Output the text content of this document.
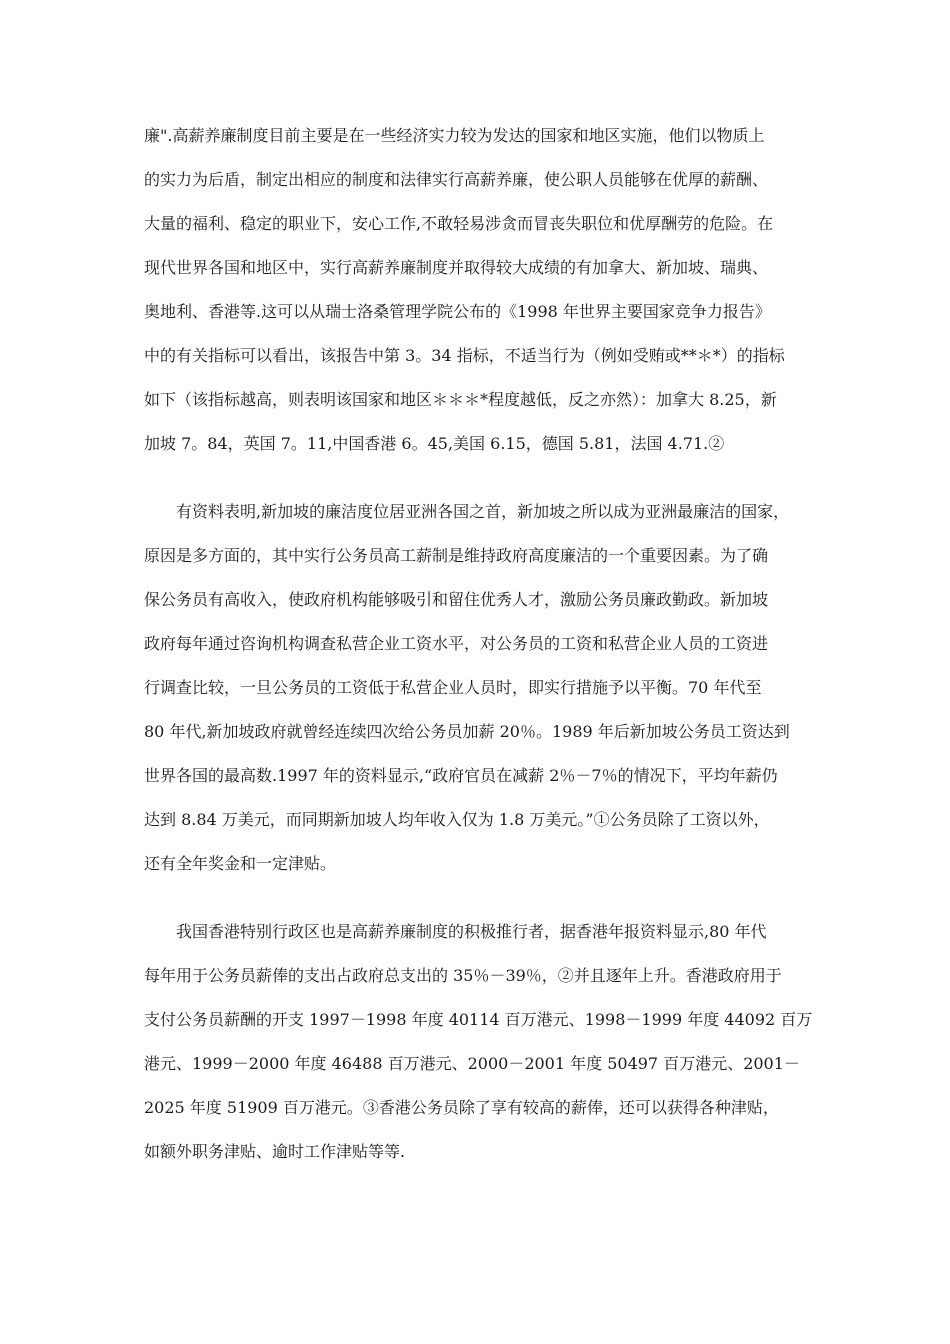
廉".高薪养廉制度目前主要是在一些经济实力较为发达的国家和地区实施，他们以物质上
的实力为后盾，制定出相应的制度和法律实行高薪养廉，使公职人员能够在优厚的薪酬、
大量的福利、稳定的职业下，安心工作,不敢轻易涉贪而冒丧失职位和优厚酬劳的危险。在
现代世界各国和地区中，实行高薪养廉制度并取得较大成绩的有加拿大、新加坡、瑞典、
奥地利、香港等.这可以从瑞士洛桑管理学院公布的《1998 年世界主要国家竞争力报告》
中的有关指标可以看出，该报告中第 3。34 指标，不适当行为（例如受贿或**＊*）的指标
如下（该指标越高，则表明该国家和地区＊＊＊*程度越低，反之亦然）：加拿大 8.25，新
加坡 7。84，英国 7。11,中国香港 6。45,美国 6.15，德国 5.81，法国 4.71.②
　　有资料表明,新加坡的廉洁度位居亚洲各国之首，新加坡之所以成为亚洲最廉洁的国家，
原因是多方面的，其中实行公务员高工薪制是维持政府高度廉洁的一个重要因素。为了确
保公务员有高收入，使政府机构能够吸引和留住优秀人才，激励公务员廉政勤政。新加坡
政府每年通过咨询机构调查私营企业工资水平，对公务员的工资和私营企业人员的工资进
行调查比较，一旦公务员的工资低于私营企业人员时，即实行措施予以平衡。70 年代至
80 年代,新加坡政府就曾经连续四次给公务员加薪 20％。1989 年后新加坡公务员工资达到
世界各国的最高数.1997 年的资料显示,“政府官员在减薪 2％－7％的情况下，平均年薪仍
达到 8.84 万美元，而同期新加坡人均年收入仅为 1.8 万美元。”①公务员除了工资以外，
还有全年奖金和一定津贴。
　　我国香港特别行政区也是高薪养廉制度的积极推行者，据香港年报资料显示,80 年代
每年用于公务员薪俸的支出占政府总支出的 35％－39％，②并且逐年上升。香港政府用于
支付公务员薪酬的开支 1997－1998 年度 40114 百万港元、1998－1999 年度 44092 百万
港元、1999－2000 年度 46488 百万港元、2000－2001 年度 50497 百万港元、2001－
2025 年度 51909 百万港元。③香港公务员除了享有较高的薪俸，还可以获得各种津贴，
如额外职务津贴、逾时工作津贴等等.
